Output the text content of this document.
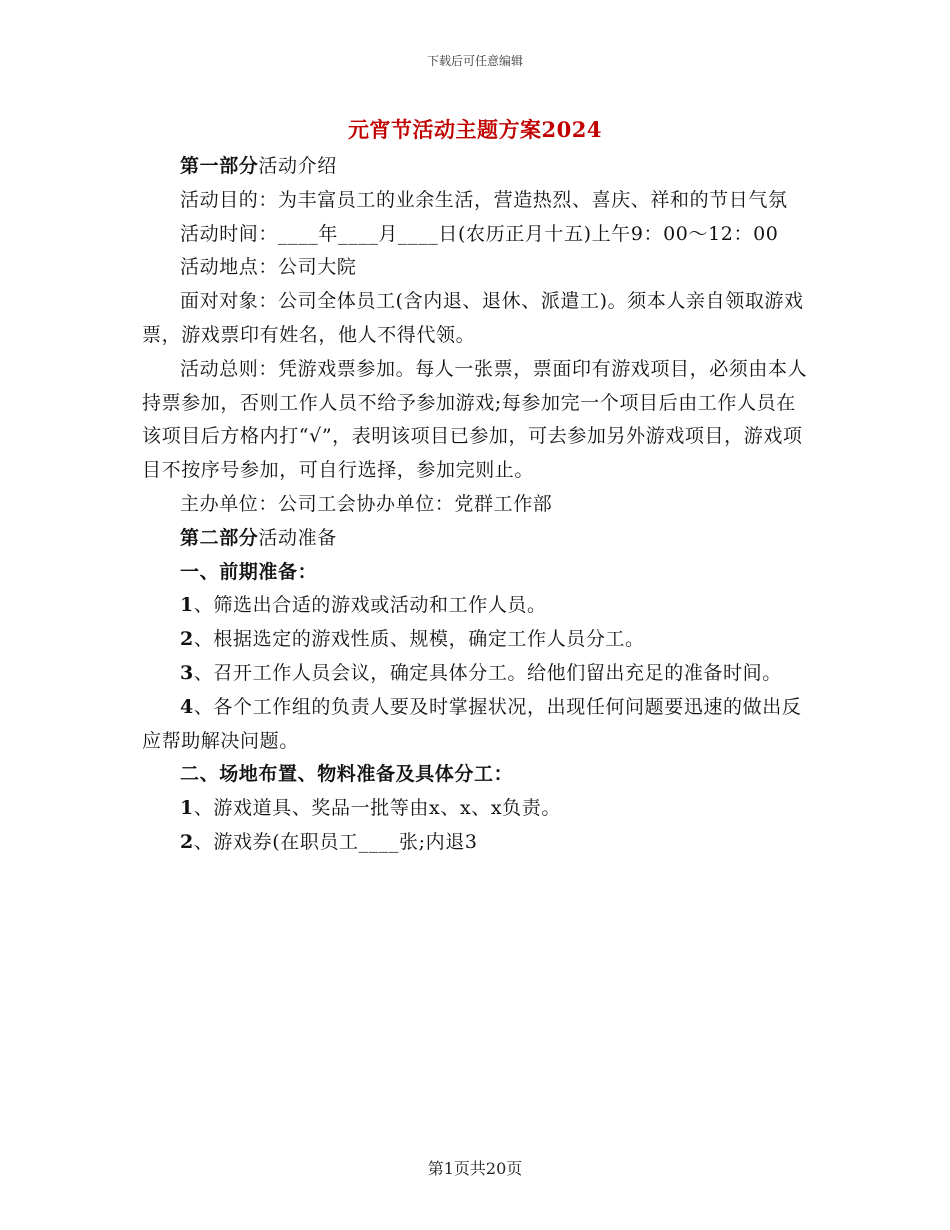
下载后可任意编辑
元宵节活动主题方案2024

第一部分活动介绍

活动目的：为丰富员工的业余生活，营造热烈、喜庆、祥和的节日气氛

活动时间：____年____月____日(农历正月十五)上午9：00～12：00

活动地点：公司大院

面对对象：公司全体员工(含内退、退休、派遣工)。须本人亲自领取游戏票，游戏票印有姓名，他人不得代领。

活动总则：凭游戏票参加。每人一张票，票面印有游戏项目，必须由本人持票参加，否则工作人员不给予参加游戏;每参加完一个项目后由工作人员在该项目后方格内打“√”，表明该项目已参加，可去参加另外游戏项目，游戏项目不按序号参加，可自行选择，参加完则止。

主办单位：公司工会协办单位：党群工作部

第二部分活动准备

一、前期准备：

1、筛选出合适的游戏或活动和工作人员。

2、根据选定的游戏性质、规模，确定工作人员分工。

3、召开工作人员会议，确定具体分工。给他们留出充足的准备时间。

4、各个工作组的负责人要及时掌握状况，出现任何问题要迅速的做出反应帮助解决问题。

二、场地布置、物料准备及具体分工：

1、游戏道具、奖品一批等由x、x、x负责。

2、游戏券(在职员工____张;内退3

第1页共20页
